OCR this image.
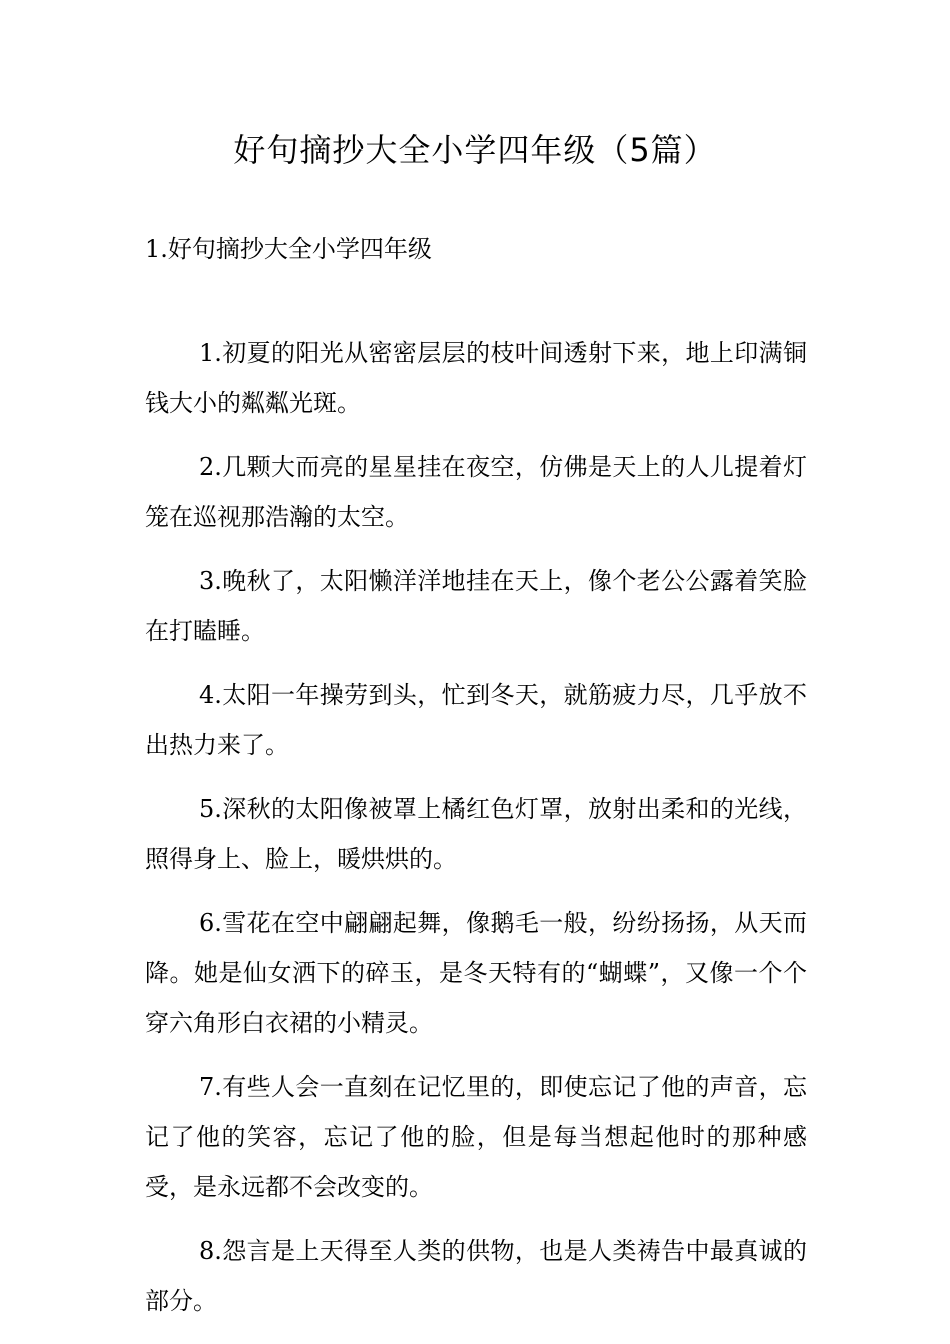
好句摘抄大全小学四年级（5篇）
1.好句摘抄大全小学四年级

1.初夏的阳光从密密层层的枝叶间透射下来，地上印满铜钱大小的粼粼光斑。

2.几颗大而亮的星星挂在夜空，仿佛是天上的人儿提着灯笼在巡视那浩瀚的太空。

3.晚秋了，太阳懒洋洋地挂在天上，像个老公公露着笑脸在打瞌睡。

4.太阳一年操劳到头，忙到冬天，就筋疲力尽，几乎放不出热力来了。

5.深秋的太阳像被罩上橘红色灯罩，放射出柔和的光线，照得身上、脸上，暖烘烘的。

6.雪花在空中翩翩起舞，像鹅毛一般，纷纷扬扬，从天而降。她是仙女洒下的碎玉，是冬天特有的“蝴蝶”，又像一个个穿六角形白衣裙的小精灵。

7.有些人会一直刻在记忆里的，即使忘记了他的声音，忘记了他的笑容，忘记了他的脸，但是每当想起他时的那种感受，是永远都不会改变的。

8.怨言是上天得至人类的供物，也是人类祷告中最真诚的部分。
